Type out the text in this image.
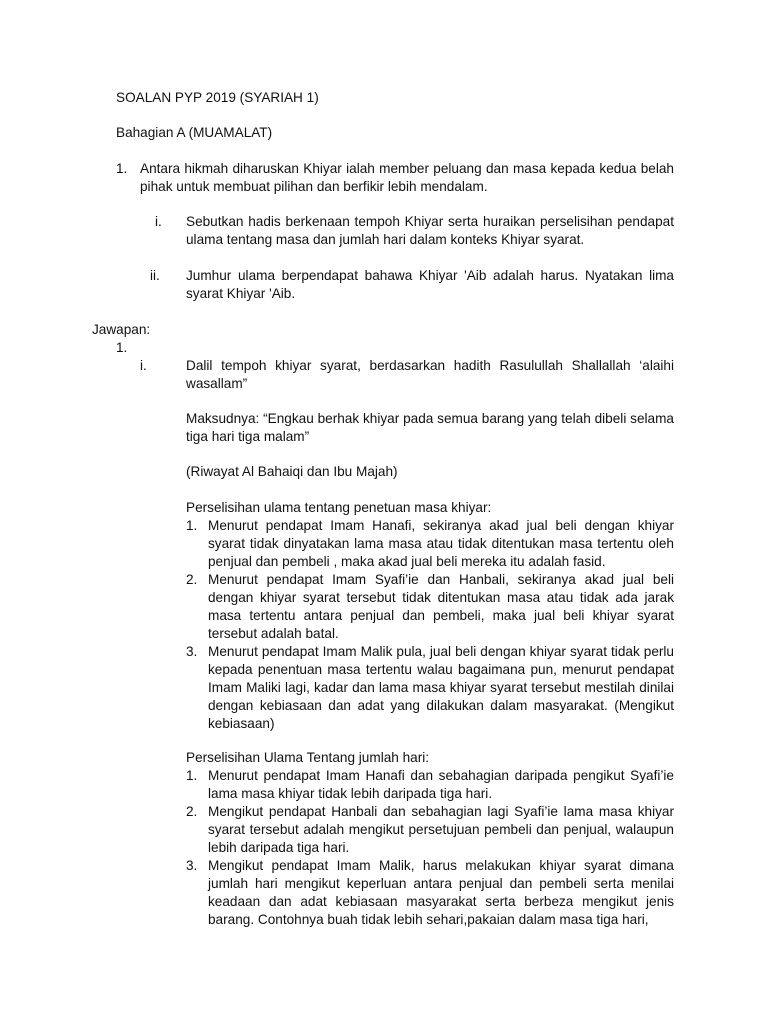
SOALAN PYP 2019 (SYARIAH 1)
Bahagian A (MUAMALAT)
1. Antara hikmah diharuskan Khiyar ialah member peluang dan masa kepada kedua belah pihak untuk membuat pilihan dan berfikir lebih mendalam.
i. Sebutkan hadis berkenaan tempoh Khiyar serta huraikan perselisihan pendapat ulama tentang masa dan jumlah hari dalam konteks Khiyar syarat.
ii. Jumhur ulama berpendapat bahawa Khiyar 'Aib adalah harus. Nyatakan lima syarat Khiyar 'Aib.
Jawapan:
1.
i.	Dalil tempoh khiyar syarat, berdasarkan hadith Rasulullah Shallallah ‘alaihi wasallam”
Maksudnya: “Engkau berhak khiyar pada semua barang yang telah dibeli selama tiga hari tiga malam”
(Riwayat Al Bahaiqi dan Ibu Majah)
Perselisihan ulama tentang penetuan masa khiyar:
1. Menurut pendapat Imam Hanafi, sekiranya akad jual beli dengan khiyar syarat tidak dinyatakan lama masa atau tidak ditentukan masa tertentu oleh penjual dan pembeli , maka akad jual beli mereka itu adalah fasid.
2. Menurut pendapat Imam Syafi’ie dan Hanbali, sekiranya akad jual beli dengan khiyar syarat tersebut tidak ditentukan masa atau tidak ada jarak masa tertentu antara penjual dan pembeli, maka jual beli khiyar syarat tersebut adalah batal.
3. Menurut pendapat Imam Malik pula, jual beli dengan khiyar syarat tidak perlu kepada penentuan masa tertentu walau bagaimana pun, menurut pendapat Imam Maliki lagi, kadar dan lama masa khiyar syarat tersebut mestilah dinilai dengan kebiasaan dan adat yang dilakukan dalam masyarakat. (Mengikut kebiasaan)
Perselisihan Ulama Tentang jumlah hari:
1. Menurut pendapat Imam Hanafi dan sebahagian daripada pengikut Syafi’ie lama masa khiyar tidak lebih daripada tiga hari.
2. Mengikut pendapat Hanbali dan sebahagian lagi Syafi’ie lama masa khiyar syarat tersebut adalah mengikut persetujuan pembeli dan penjual, walaupun lebih daripada tiga hari.
3. Mengikut pendapat Imam Malik, harus melakukan khiyar syarat dimana jumlah hari mengikut keperluan antara penjual dan pembeli serta menilai keadaan dan adat kebiasaan masyarakat serta berbeza mengikut jenis barang. Contohnya buah tidak lebih sehari,pakaian dalam masa tiga hari,
